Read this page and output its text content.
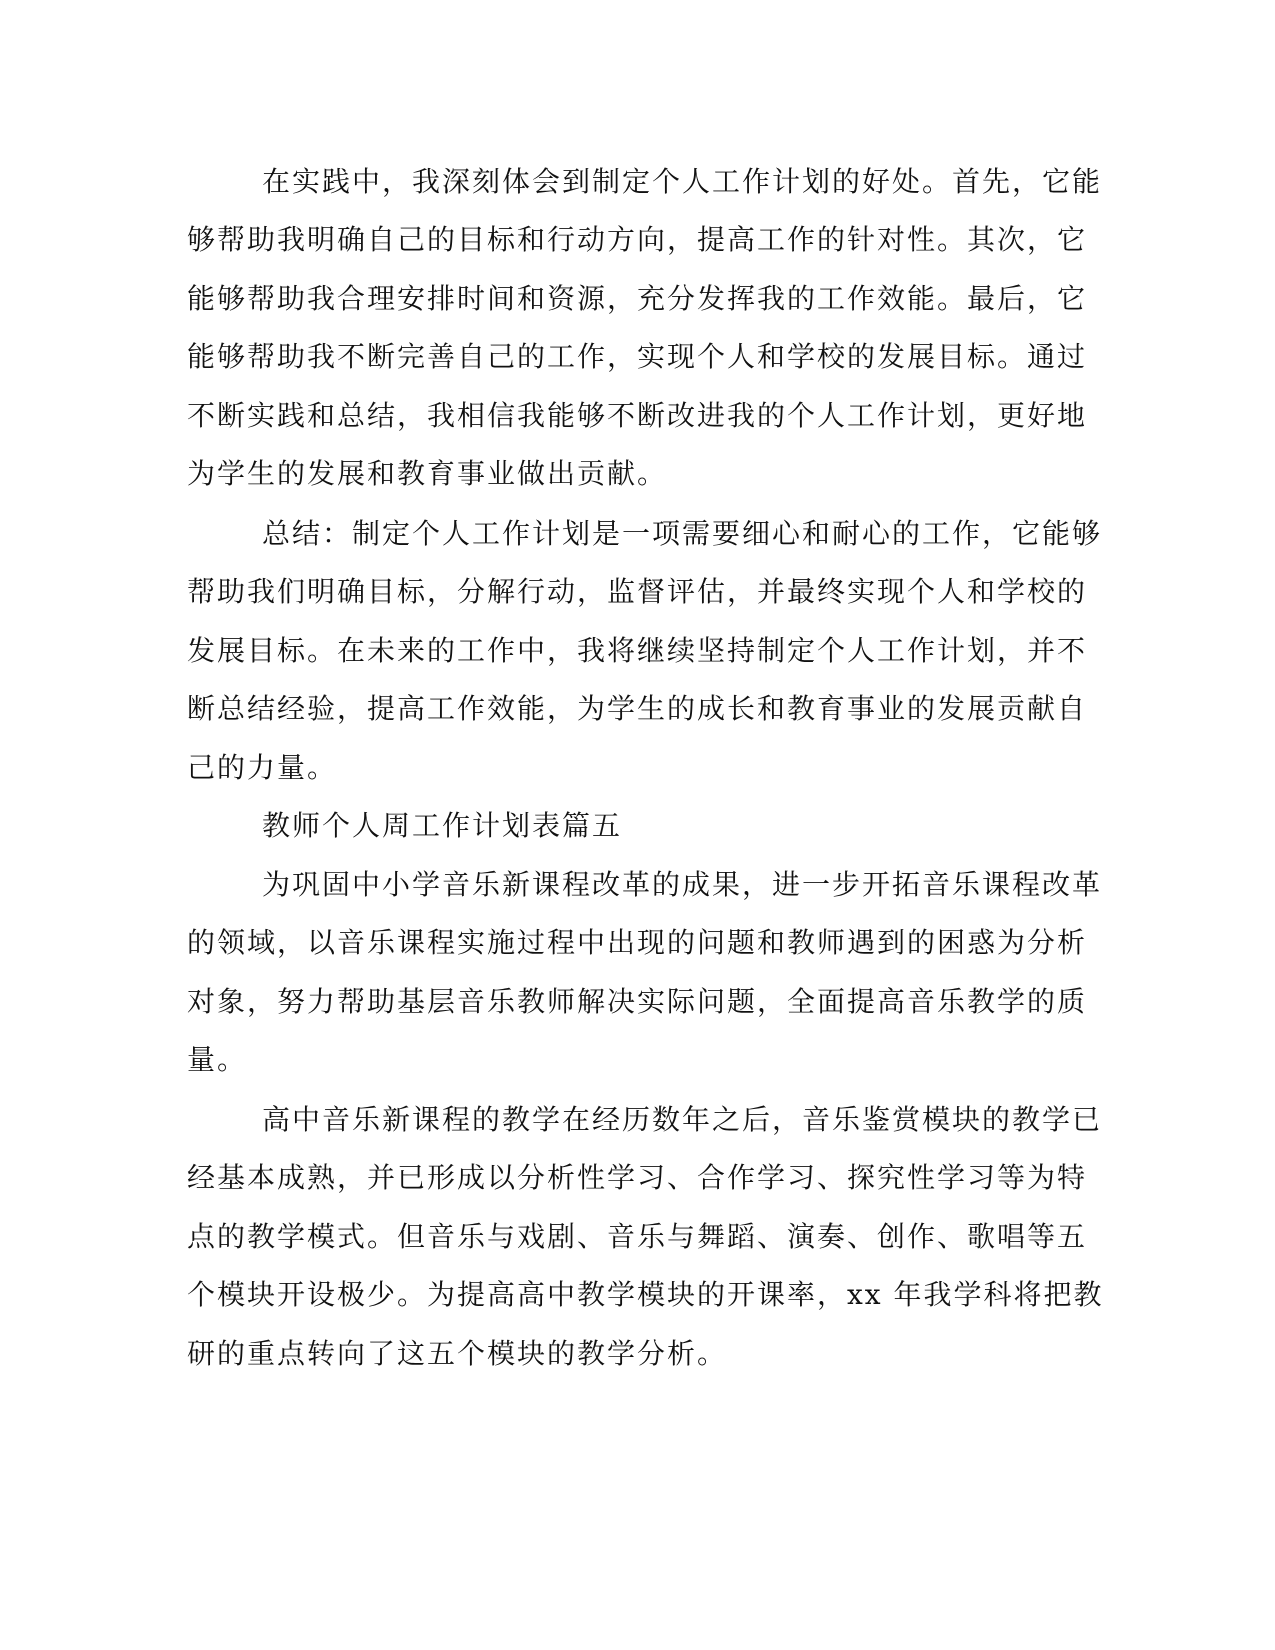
在实践中，我深刻体会到制定个人工作计划的好处。首先，它能
够帮助我明确自己的目标和行动方向，提高工作的针对性。其次，它
能够帮助我合理安排时间和资源，充分发挥我的工作效能。最后，它
能够帮助我不断完善自己的工作，实现个人和学校的发展目标。通过
不断实践和总结，我相信我能够不断改进我的个人工作计划，更好地
为学生的发展和教育事业做出贡献。
总结：制定个人工作计划是一项需要细心和耐心的工作，它能够
帮助我们明确目标，分解行动，监督评估，并最终实现个人和学校的
发展目标。在未来的工作中，我将继续坚持制定个人工作计划，并不
断总结经验，提高工作效能，为学生的成长和教育事业的发展贡献自
己的力量。
教师个人周工作计划表篇五
为巩固中小学音乐新课程改革的成果，进一步开拓音乐课程改革
的领域，以音乐课程实施过程中出现的问题和教师遇到的困惑为分析
对象，努力帮助基层音乐教师解决实际问题，全面提高音乐教学的质
量。
高中音乐新课程的教学在经历数年之后，音乐鉴赏模块的教学已
经基本成熟，并已形成以分析性学习、合作学习、探究性学习等为特
点的教学模式。但音乐与戏剧、音乐与舞蹈、演奏、创作、歌唱等五
个模块开设极少。为提高高中教学模块的开课率，xx 年我学科将把教
研的重点转向了这五个模块的教学分析。
